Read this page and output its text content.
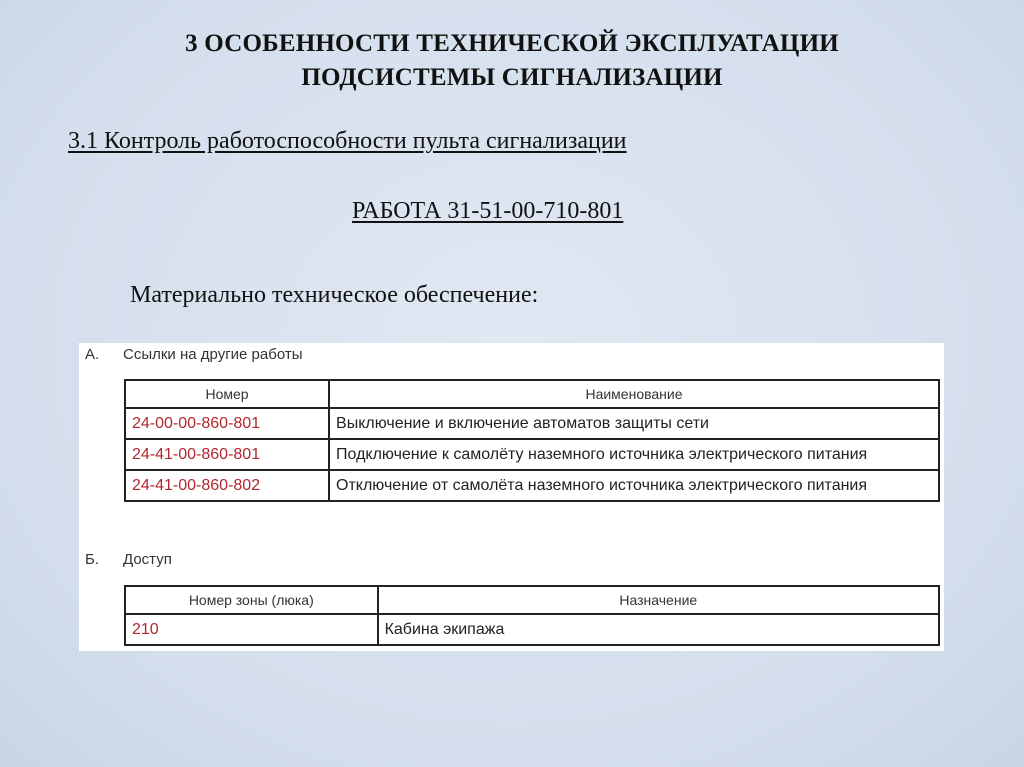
3 ОСОБЕННОСТИ ТЕХНИЧЕСКОЙ ЭКСПЛУАТАЦИИ
ПОДСИСТЕМЫ СИГНАЛИЗАЦИИ
3.1 Контроль работоспособности пульта сигнализации
РАБОТА 31-51-00-710-801
Материально техническое обеспечение:
А. Ссылки на другие работы
Номер	Наименование
24-00-00-860-801	Выключение и включение автоматов защиты сети
24-41-00-860-801	Подключение к самолёту наземного источника электрического питания
24-41-00-860-802	Отключение от самолёта наземного источника электрического питания
Б. Доступ
Номер зоны (люка)	Назначение
210	Кабина экипажа
